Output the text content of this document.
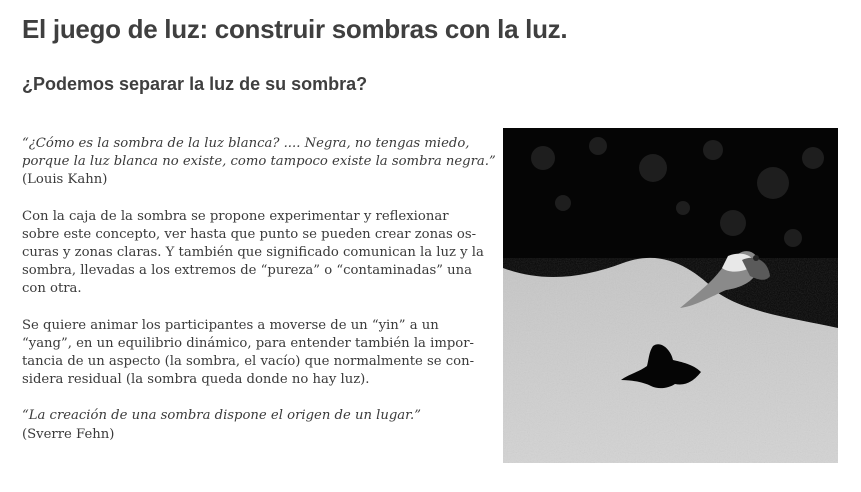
El juego de luz: construir sombras con la luz.
¿Podemos separar la luz de su sombra?
“¿Cómo es la sombra de la luz blanca? .... Negra, no tengas miedo,
porque la luz blanca no existe, como tampoco existe la sombra negra.”
(Louis Kahn)
Con la caja de la sombra se propone experimentar y reflexionar
sobre este concepto, ver hasta que punto se pueden crear zonas os-
curas y zonas claras. Y también que significado comunican la luz y la
sombra, llevadas a los extremos de “pureza” o “contaminadas” una
con otra.
Se quiere animar los participantes a moverse de un “yin” a un
“yang”, en un equilibrio dinámico, para entender también la impor-
tancia de un aspecto (la sombra, el vacío) que normalmente se con-
sidera residual (la sombra queda donde no hay luz).
“La creación de una sombra dispone el origen de un lugar.”
(Sverre Fehn)
